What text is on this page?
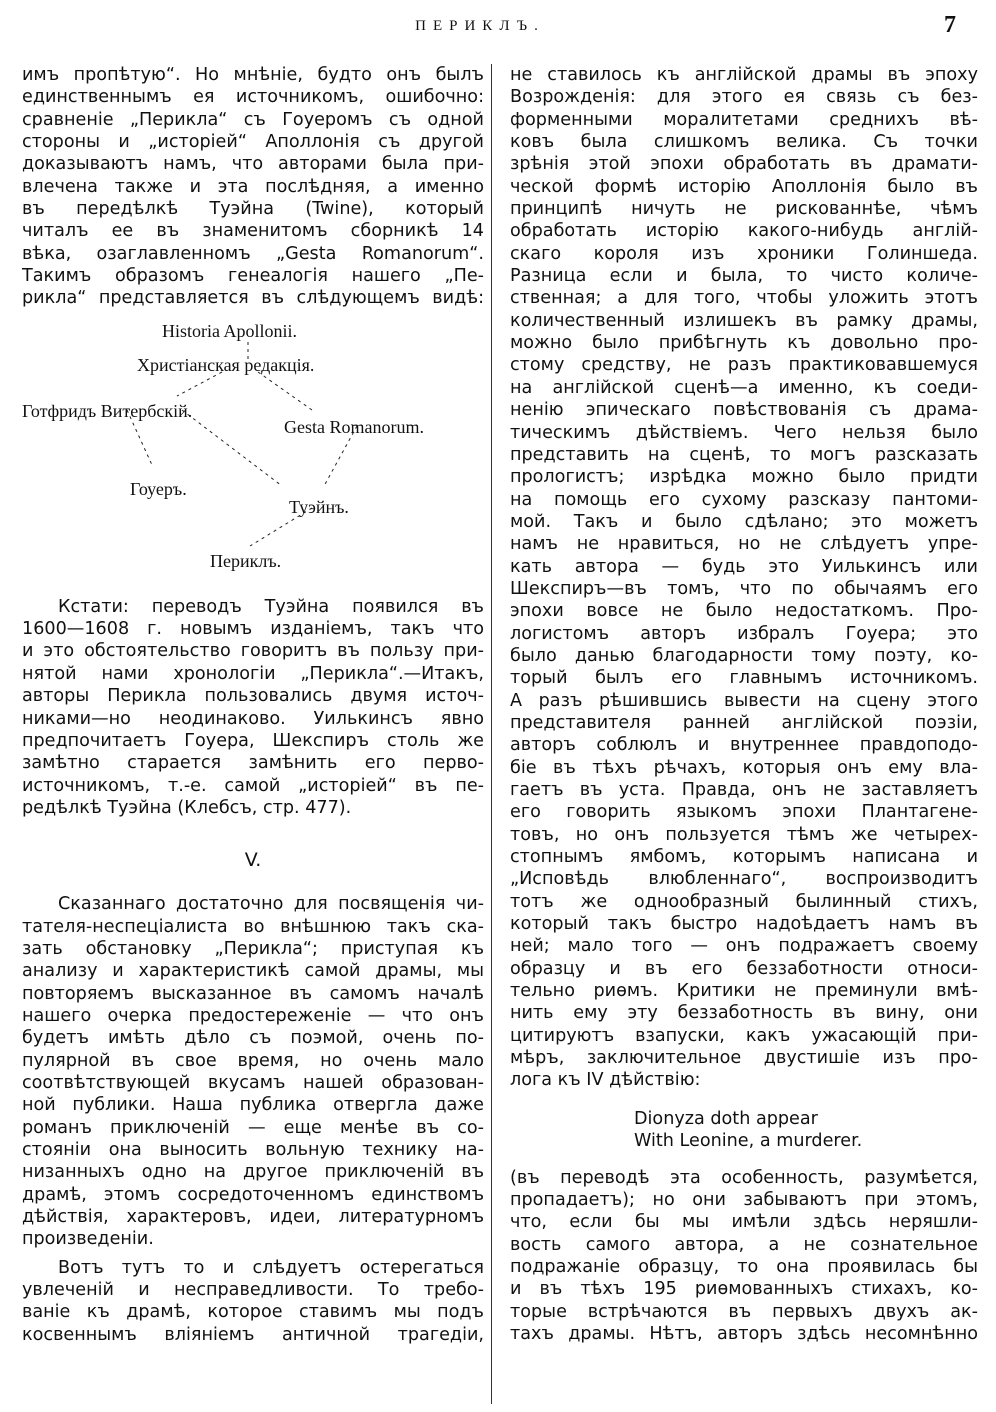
ПЕРИКЛЪ.	7
имъ пропѣтую“. Но мнѣніе, будто онъ былъ
единственнымъ ея источникомъ, ошибочно:
сравненіе „Перикла“ съ Гоуеромъ съ одной
стороны и „исторіей“ Аполлонія съ другой
доказываютъ намъ, что авторами была при-
влечена также и эта послѣдняя, а именно
въ передѣлкѣ Туэйна (Twine), который
читалъ ее въ знаменитомъ сборникѣ 14
вѣка, озаглавленномъ „Gesta Romanorum“.
Такимъ образомъ генеалогія нашего „Пе-
рикла“ представляется въ слѣдующемъ видѣ:
Historia Apollonii.
Христіанская редакція.
Готфридъ Витербскій.
Gesta Romanorum.
Гоуеръ.
Туэйнъ.
Периклъ.
Кстати: переводъ Туэйна появился въ
1600—1608 г. новымъ изданіемъ, такъ что
и это обстоятельство говоритъ въ пользу при-
нятой нами хронологіи „Перикла“.—Итакъ,
авторы Перикла пользовались двумя источ-
никами—но неодинаково. Уилькинсъ явно
предпочитаетъ Гоуера, Шекспиръ столь же
замѣтно старается замѣнить его перво-
источникомъ, т.-е. самой „исторіей“ въ пе-
редѣлкѣ Туэйна (Клебсъ, стр. 477).
V.
Сказаннаго достаточно для посвященія чи-
тателя-неспеціалиста во внѣшнюю такъ ска-
зать обстановку „Перикла“; приступая къ
анализу и характеристикѣ самой драмы, мы
повторяемъ высказанное въ самомъ началѣ
нашего очерка предостереженіе — что онъ
будетъ имѣть дѣло съ поэмой, очень по-
пулярной въ свое время, но очень мало
соотвѣтствующей вкусамъ нашей образован-
ной публики. Наша публика отвергла даже
романъ приключеній — еще менѣе въ со-
стояніи она выносить вольную технику на-
низанныхъ одно на другое приключеній въ
драмѣ, этомъ сосредоточенномъ единствомъ
дѣйствія, характеровъ, идеи, литературномъ
произведеніи.
Вотъ тутъ то и слѣдуетъ остерегаться
увлеченій и несправедливости. То требо-
ваніе къ драмѣ, которое ставимъ мы подъ
косвеннымъ вліяніемъ античной трагедіи,
не ставилось къ англійской драмы въ эпоху
Возрожденія: для этого ея связь съ без-
форменными моралитетами среднихъ вѣ-
ковъ была слишкомъ велика. Съ точки
зрѣнія этой эпохи обработать въ драмати-
ческой формѣ исторію Аполлонія было въ
принципѣ ничуть не рискованнѣе, чѣмъ
обработать исторію какого-нибудь англій-
скаго короля изъ хроники Голиншеда.
Разница если и была, то чисто количе-
ственная; а для того, чтобы уложить этотъ
количественный излишекъ въ рамку драмы,
можно было прибѣгнуть къ довольно про-
стому средству, не разъ практиковавшемуся
на англійской сценѣ—а именно, къ соеди-
ненію эпическаго повѣствованія съ драма-
тическимъ дѣйствіемъ. Чего нельзя было
представить на сценѣ, то могъ разсказать
прологистъ; изрѣдка можно было придти
на помощь его сухому разсказу пантоми-
мой. Такъ и было сдѣлано; это можетъ
намъ не нравиться, но не слѣдуетъ упре-
кать автора — будь это Уилькинсъ или
Шекспиръ—въ томъ, что по обычаямъ его
эпохи вовсе не было недостаткомъ. Про-
логистомъ авторъ избралъ Гоуера; это
было данью благодарности тому поэту, ко-
торый былъ его главнымъ источникомъ.
А разъ рѣшившись вывести на сцену этого
представителя ранней англійской поэзіи,
авторъ соблюлъ и внутреннее правдоподо-
біе въ тѣхъ рѣчахъ, которыя онъ ему вла-
гаетъ въ уста. Правда, онъ не заставляетъ
его говорить языкомъ эпохи Плантагене-
товъ, но онъ пользуется тѣмъ же четырех-
стопнымъ ямбомъ, которымъ написана и
„Исповѣдь влюбленнаго“, воспроизводитъ
тотъ же однообразный былинный стихъ,
который такъ быстро надоѣдаетъ намъ въ
ней; мало того — онъ подражаетъ своему
образцу и въ его беззаботности относи-
тельно риѳмъ. Критики не преминули вмѣ-
нить ему эту беззаботность въ вину, они
цитируютъ взапуски, какъ ужасающій при-
мѣръ, заключительное двустишіе изъ про-
лога къ IV дѣйствію:
Dionyza doth appear
With Leonine, a murderer.
(въ переводѣ эта особенность, разумѣется,
пропадаетъ); но они забываютъ при этомъ,
что, если бы мы имѣли здѣсь неряшли-
вость самого автора, а не сознательное
подражаніе образцу, то она проявилась бы
и въ тѣхъ 195 риѳмованныхъ стихахъ, ко-
торые встрѣчаются въ первыхъ двухъ ак-
тахъ драмы. Нѣтъ, авторъ здѣсь несомнѣнно
